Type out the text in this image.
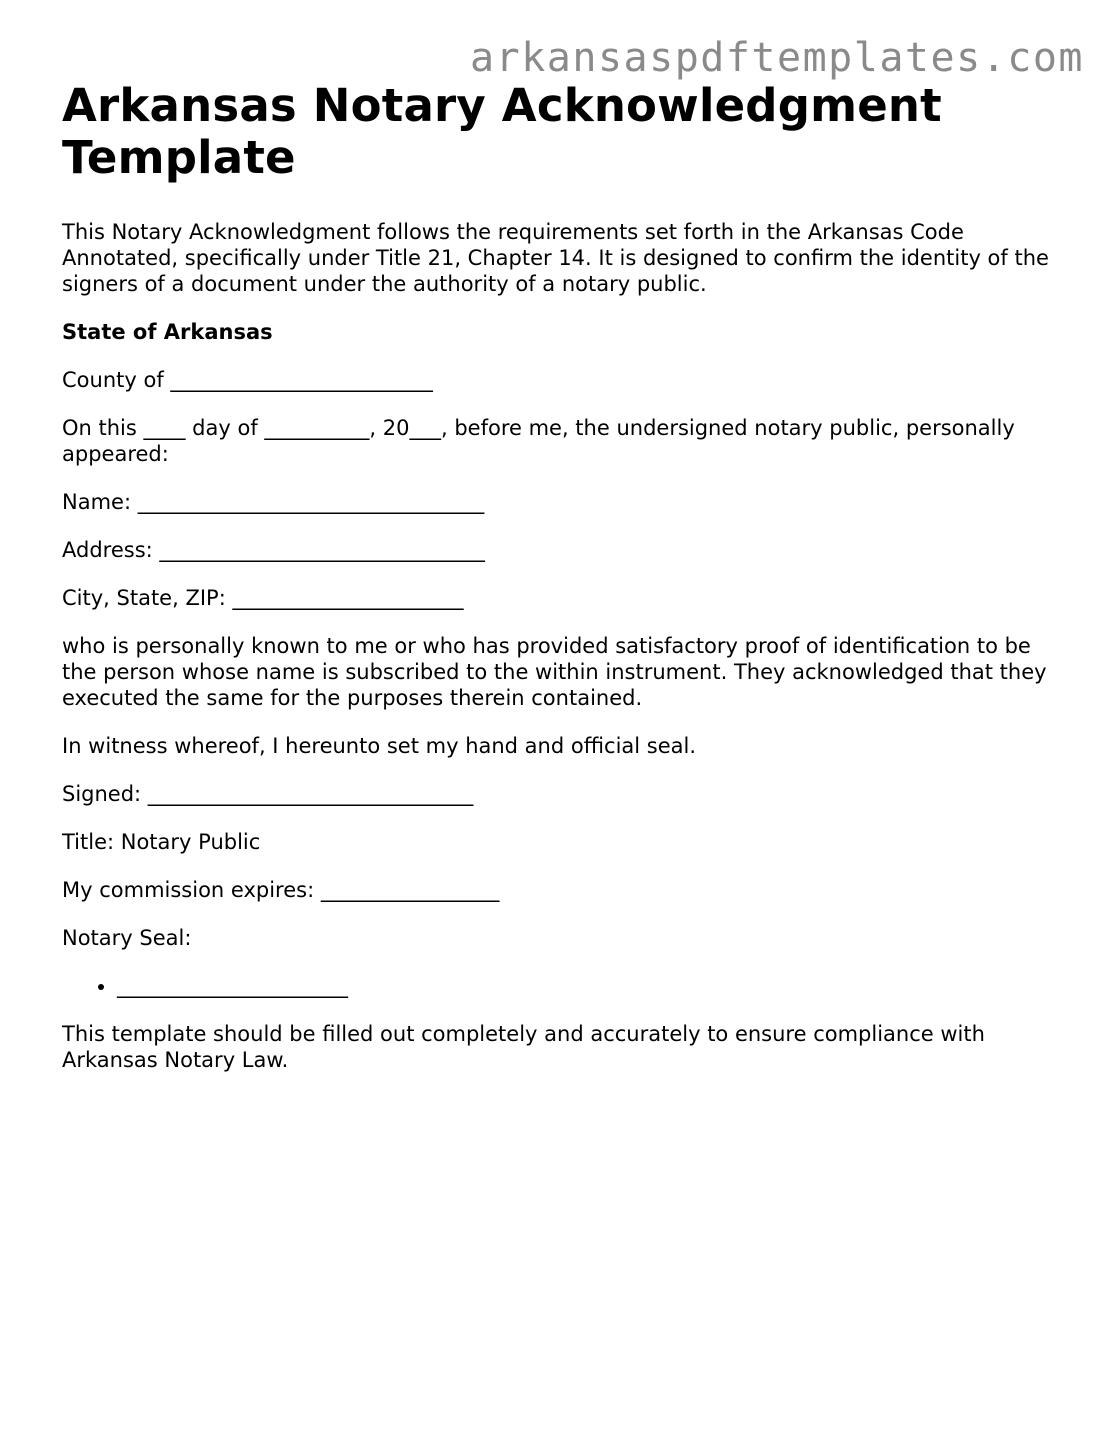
arkansaspdftemplates.com
Arkansas Notary Acknowledgment Template

This Notary Acknowledgment follows the requirements set forth in the Arkansas Code Annotated, specifically under Title 21, Chapter 14. It is designed to confirm the identity of the signers of a document under the authority of a notary public.

State of Arkansas

County of _________________________

On this ____ day of __________, 20___, before me, the undersigned notary public, personally appeared:

Name: _________________________________

Address: _______________________________

City, State, ZIP: ______________________

who is personally known to me or who has provided satisfactory proof of identification to be the person whose name is subscribed to the within instrument. They acknowledged that they executed the same for the purposes therein contained.

In witness whereof, I hereunto set my hand and official seal.

Signed: _______________________________

Title: Notary Public

My commission expires: _________________

Notary Seal:

• ______________________

This template should be filled out completely and accurately to ensure compliance with Arkansas Notary Law.
